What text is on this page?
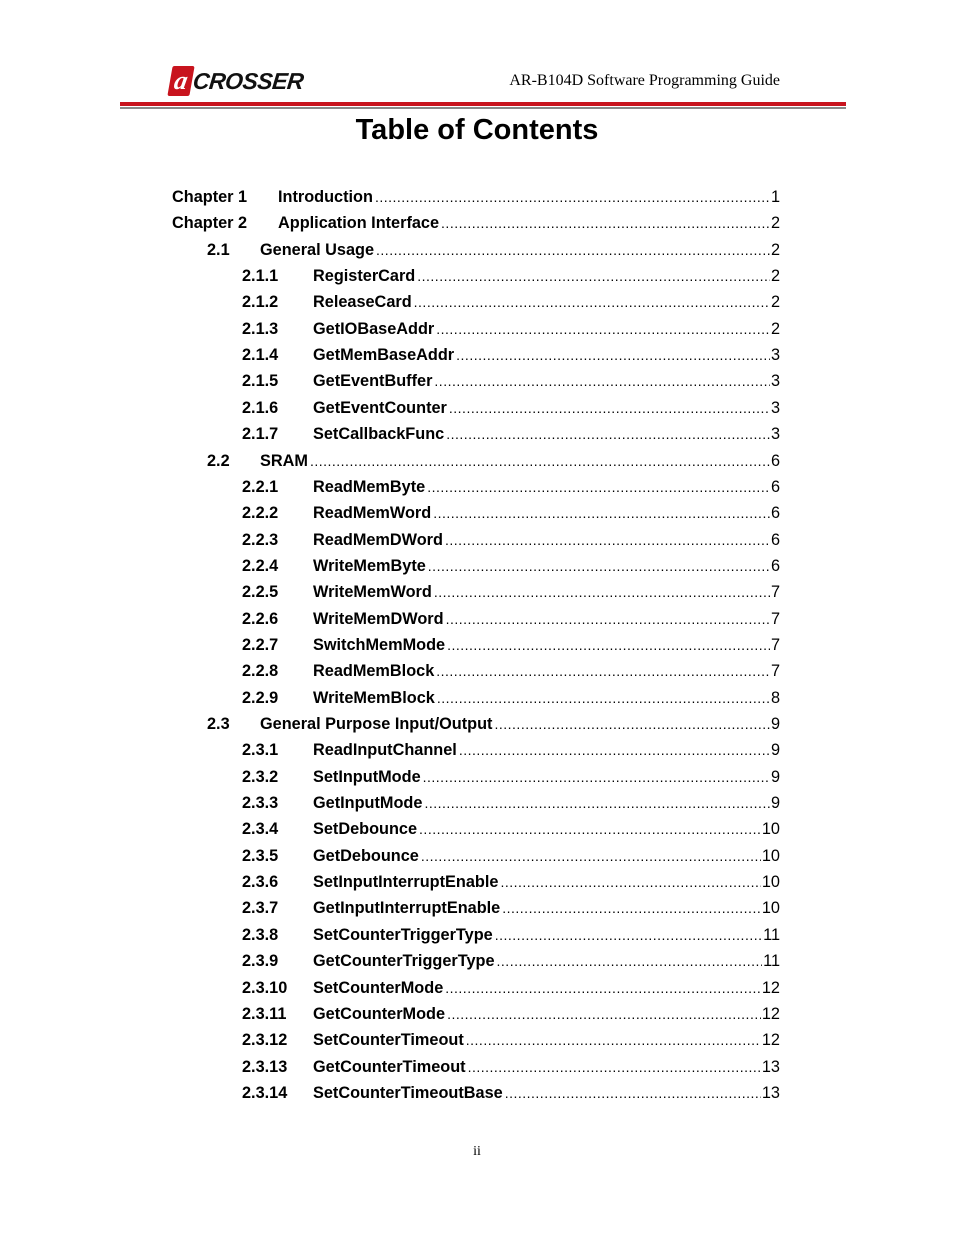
a CROSSER	AR-B104D Software Programming Guide
Table of Contents
Chapter 1 Introduction .....	1
Chapter 2 Application Interface .....	2
2.1 General Usage .....	2
2.1.1 RegisterCard .....	2
2.1.2 ReleaseCard .....	2
2.1.3 GetIOBaseAddr .....	2
2.1.4 GetMemBaseAddr .....	3
2.1.5 GetEventBuffer .....	3
2.1.6 GetEventCounter .....	3
2.1.7 SetCallbackFunc .....	3
2.2 SRAM .....	6
2.2.1 ReadMemByte .....	6
2.2.2 ReadMemWord .....	6
2.2.3 ReadMemDWord .....	6
2.2.4 WriteMemByte .....	6
2.2.5 WriteMemWord .....	7
2.2.6 WriteMemDWord .....	7
2.2.7 SwitchMemMode .....	7
2.2.8 ReadMemBlock .....	7
2.2.9 WriteMemBlock .....	8
2.3 General Purpose Input/Output .....	9
2.3.1 ReadInputChannel .....	9
2.3.2 SetInputMode .....	9
2.3.3 GetInputMode .....	9
2.3.4 SetDebounce .....	10
2.3.5 GetDebounce .....	10
2.3.6 SetInputInterruptEnable .....	10
2.3.7 GetInputInterruptEnable .....	10
2.3.8 SetCounterTriggerType .....	11
2.3.9 GetCounterTriggerType .....	11
2.3.10 SetCounterMode .....	12
2.3.11 GetCounterMode .....	12
2.3.12 SetCounterTimeout .....	12
2.3.13 GetCounterTimeout .....	13
2.3.14 SetCounterTimeoutBase .....	13
ii
